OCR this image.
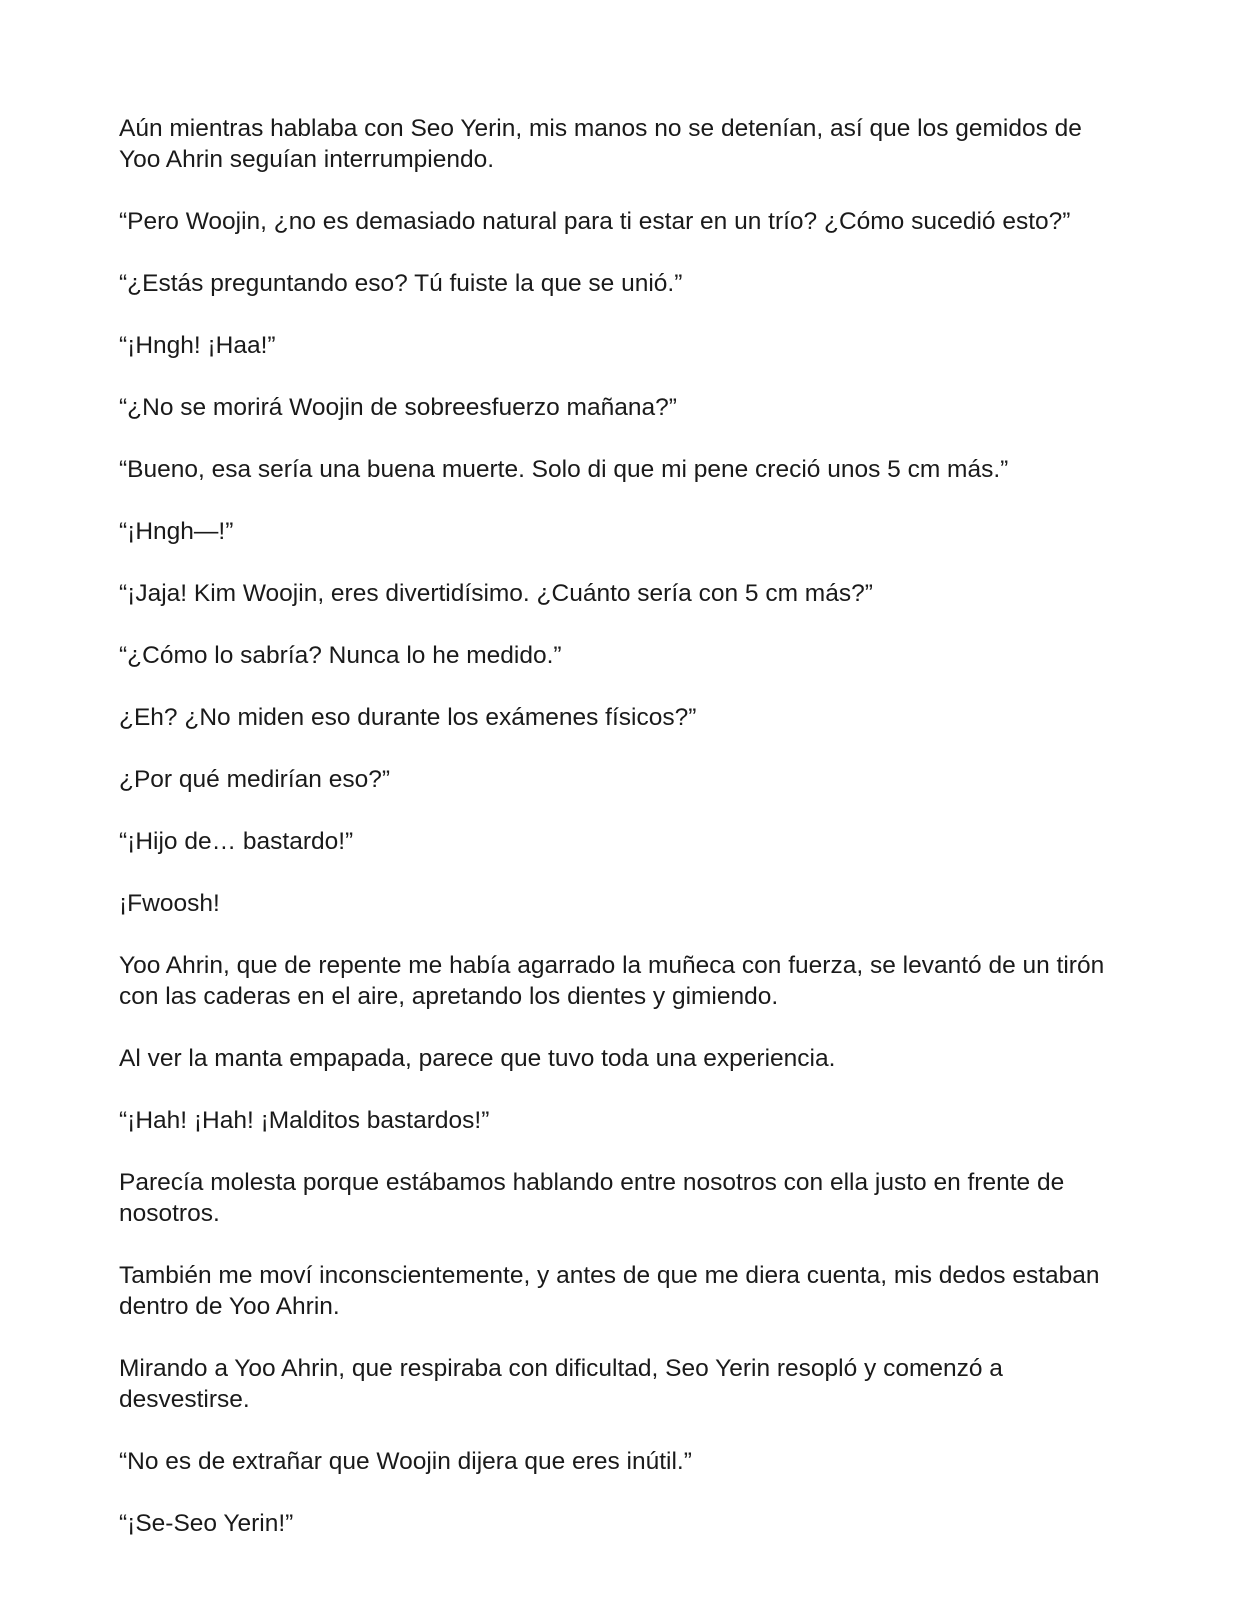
Aún mientras hablaba con Seo Yerin, mis manos no se detenían, así que los gemidos de Yoo Ahrin seguían interrumpiendo.

“Pero Woojin, ¿no es demasiado natural para ti estar en un trío? ¿Cómo sucedió esto?”

“¿Estás preguntando eso? Tú fuiste la que se unió.”

“¡Hngh! ¡Haa!”

“¿No se morirá Woojin de sobreesfuerzo mañana?”

“Bueno, esa sería una buena muerte. Solo di que mi pene creció unos 5 cm más.”

“¡Hngh—!”

“¡Jaja! Kim Woojin, eres divertidísimo. ¿Cuánto sería con 5 cm más?”

“¿Cómo lo sabría? Nunca lo he medido.”

¿Eh? ¿No miden eso durante los exámenes físicos?”

¿Por qué medirían eso?”

“¡Hijo de… bastardo!”

¡Fwoosh!

Yoo Ahrin, que de repente me había agarrado la muñeca con fuerza, se levantó de un tirón con las caderas en el aire, apretando los dientes y gimiendo.

Al ver la manta empapada, parece que tuvo toda una experiencia.

“¡Hah! ¡Hah! ¡Malditos bastardos!”

Parecía molesta porque estábamos hablando entre nosotros con ella justo en frente de nosotros.

También me moví inconscientemente, y antes de que me diera cuenta, mis dedos estaban dentro de Yoo Ahrin.

Mirando a Yoo Ahrin, que respiraba con dificultad, Seo Yerin resopló y comenzó a desvestirse.

“No es de extrañar que Woojin dijera que eres inútil.”

“¡Se-Seo Yerin!”
